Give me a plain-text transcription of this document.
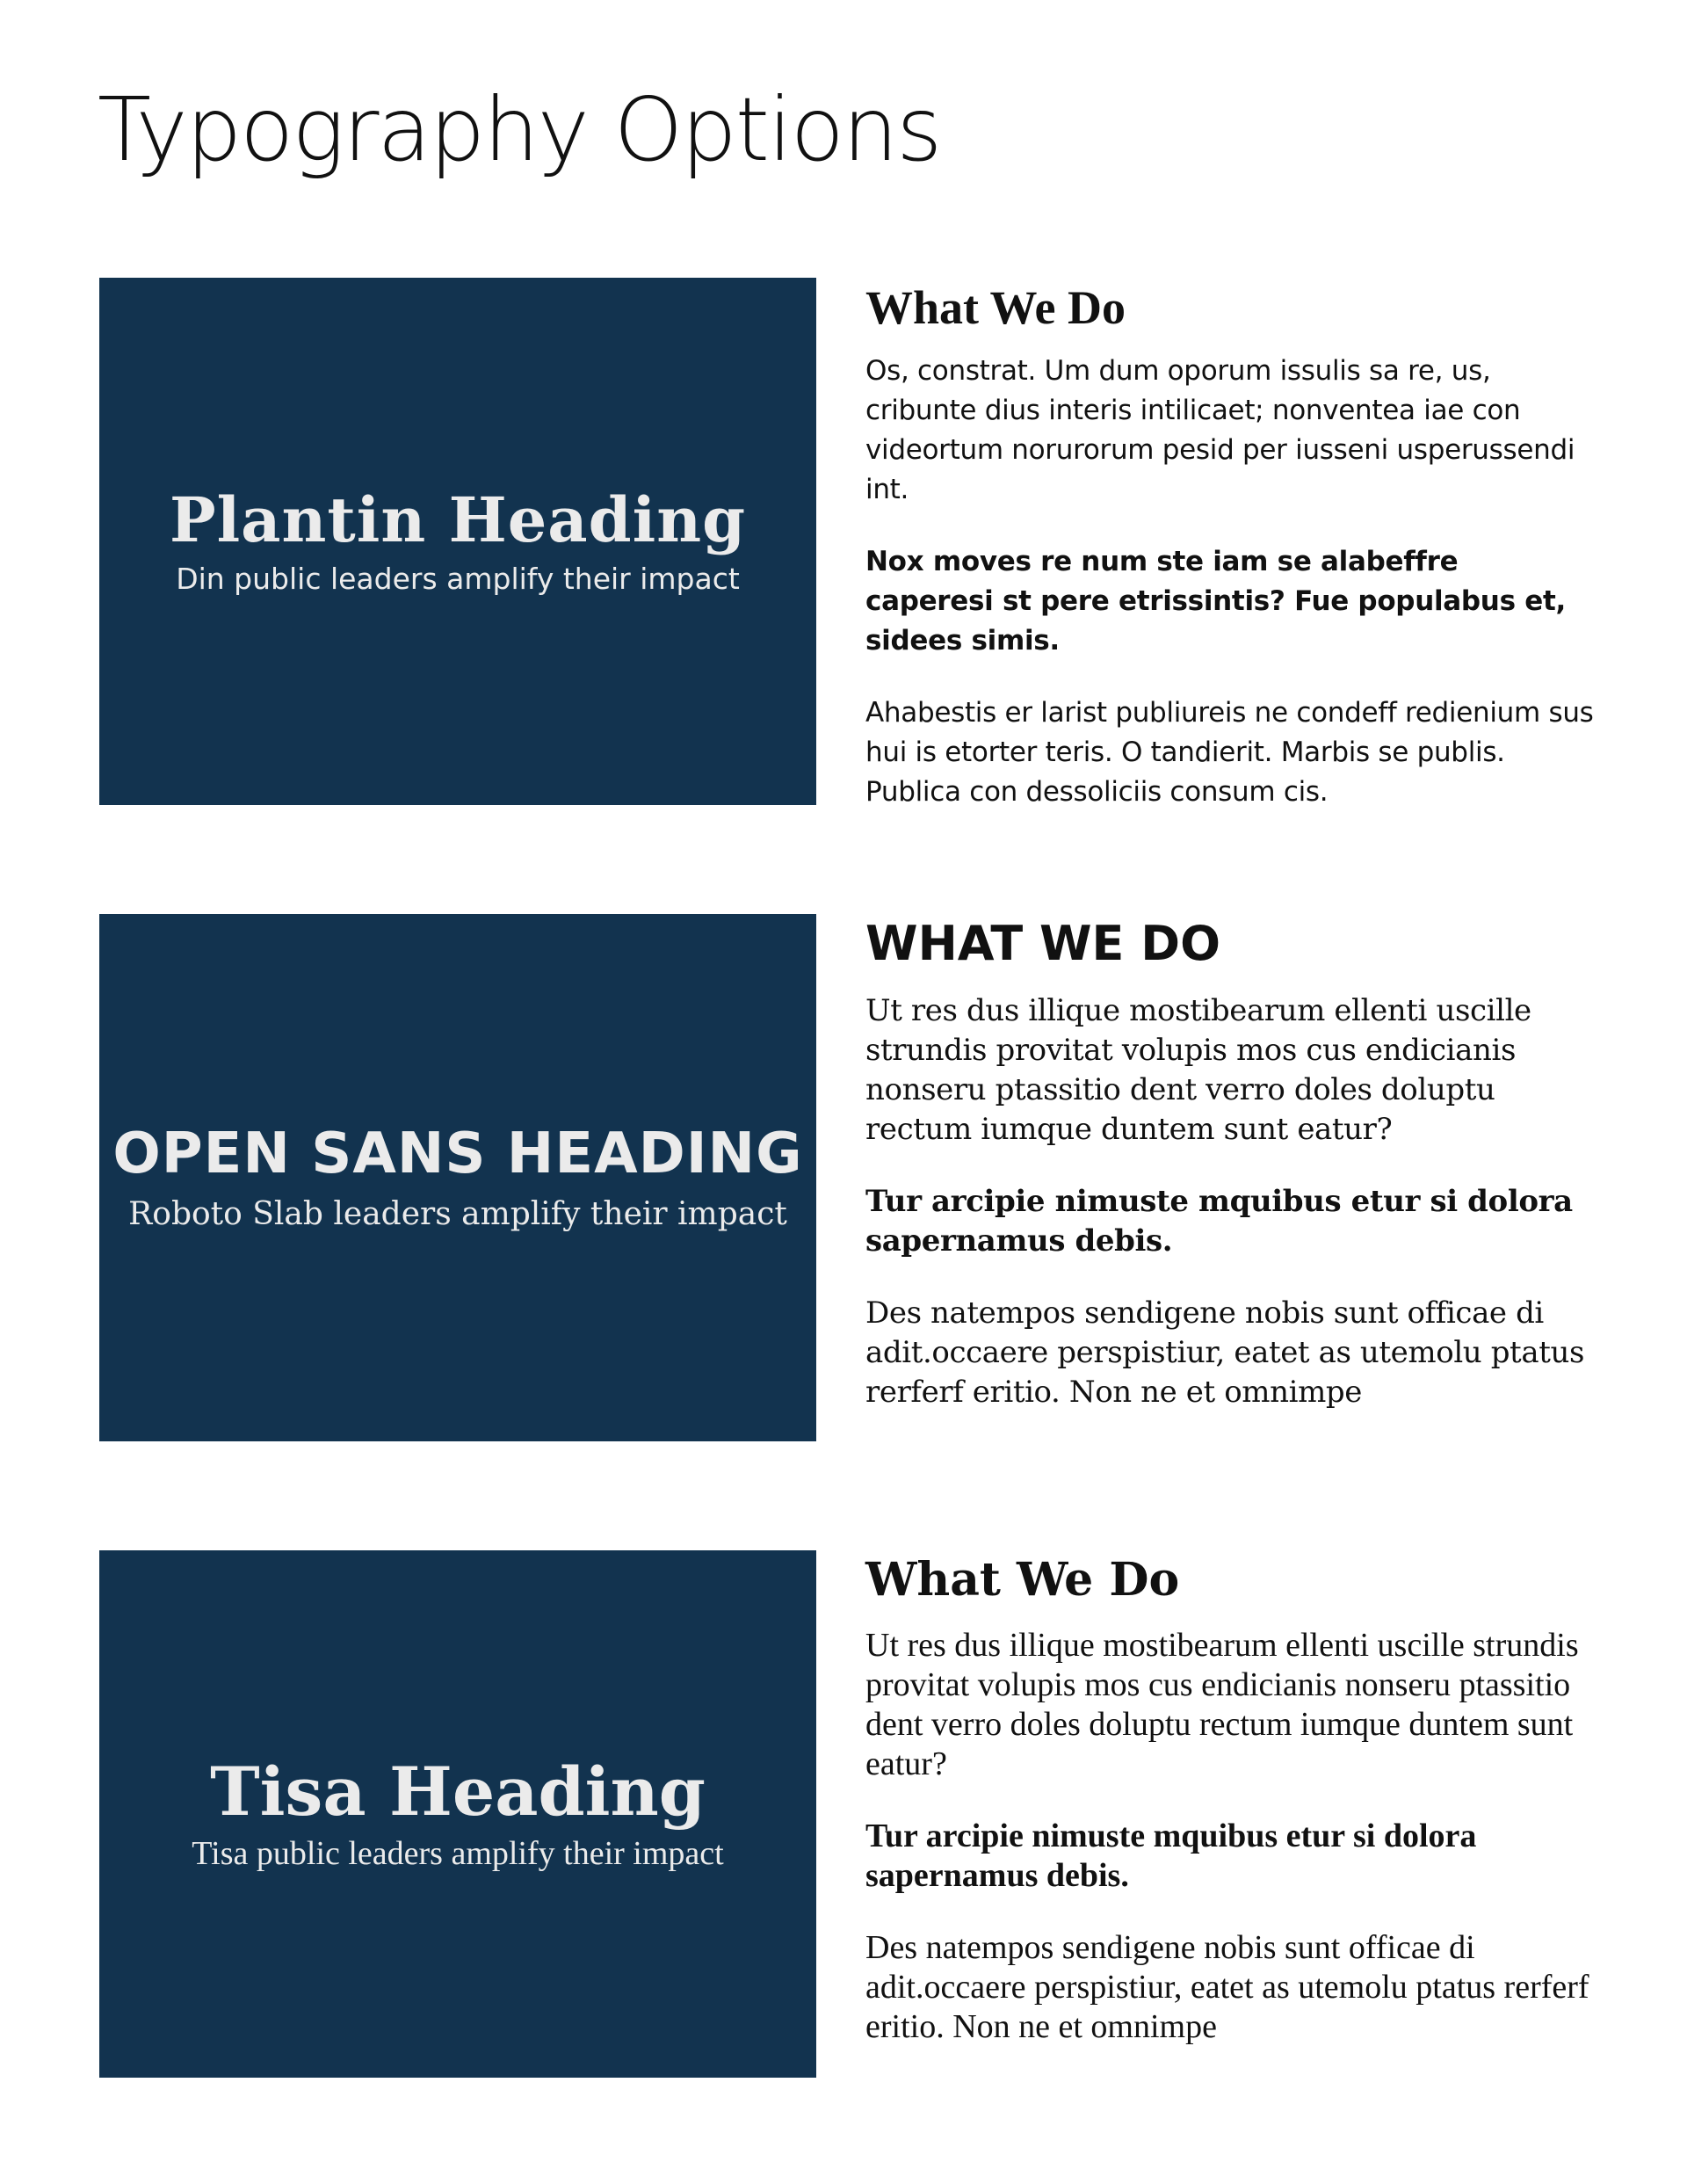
Typography Options
Plantin Heading

Din public leaders amplify their impact

What We Do

Os, constrat. Um dum oporum issulis sa re, us, cribunte dius interis intilicaet; nonventea iae con videortum norurorum pesid per iusseni usperussendi int.

Nox moves re num ste iam se alabeffre caperesi st pere etrissintis? Fue populabus et, sidees simis.

Ahabestis er larist publiureis ne condeff redienium sus hui is etorter teris. O tandierit. Marbis se publis. Publica con dessoliciis consum cis.

OPEN SANS HEADING

Roboto Slab leaders amplify their impact

WHAT WE DO

Ut res dus illique mostibearum ellenti uscille strundis provitat volupis mos cus endicianis nonseru ptassitio dent verro doles doluptu rectum iumque duntem sunt eatur?

Tur arcipie nimuste mquibus etur si dolora sapernamus debis.

Des natempos sendigene nobis sunt officae di adit.occaere perspistiur, eatet as utemolu ptatus rerferf eritio. Non ne et omnimpe

Tisa Heading

Tisa public leaders amplify their impact

What We Do

Ut res dus illique mostibearum ellenti uscille strundis provitat volupis mos cus endicianis nonseru ptassitio dent verro doles doluptu rectum iumque duntem sunt eatur?

Tur arcipie nimuste mquibus etur si dolora sapernamus debis.

Des natempos sendigene nobis sunt officae di adit.occaere perspistiur, eatet as utemolu ptatus rerferf eritio. Non ne et omnimpe
